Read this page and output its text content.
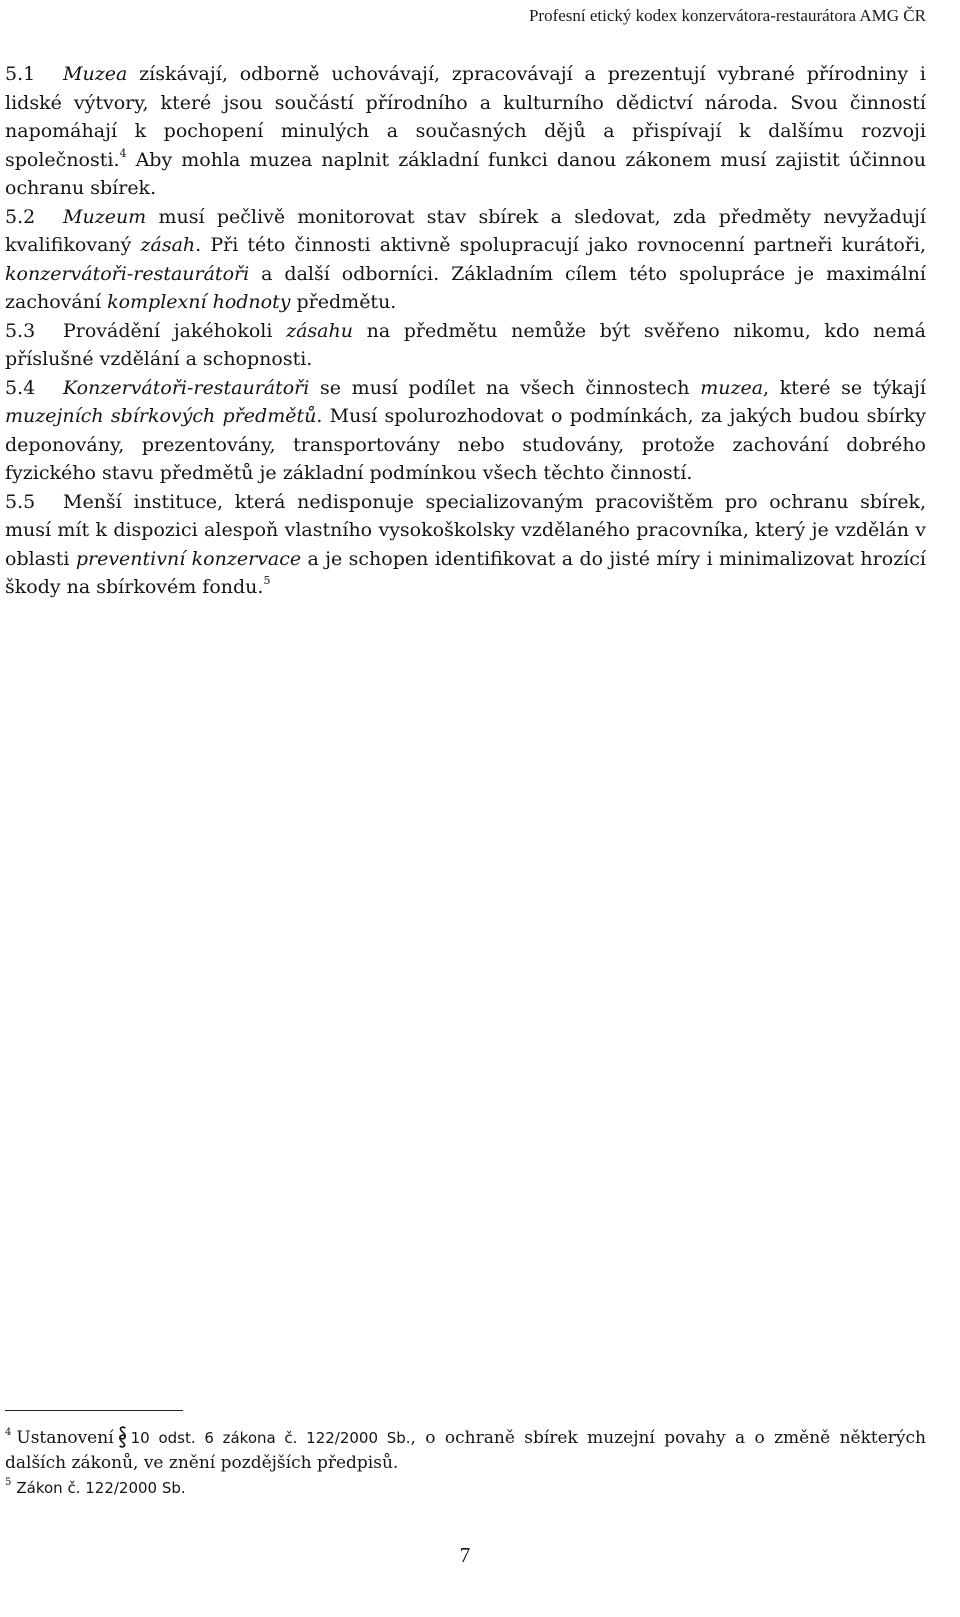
Profesní etický kodex konzervátora-restaurátora AMG ČR

5.1 Muzea získávají, odborně uchovávají, zpracovávají a prezentují vybrané přírodniny i lidské výtvory, které jsou součástí přírodního a kulturního dědictví národa. Svou činností napomáhají k pochopení minulých a současných dějů a přispívají k dalšímu rozvoji společnosti.$^4$ Aby mohla muzea naplnit základní funkci danou zákonem musí zajistit účinnou ochranu sbírek.

5.2 Muzeum musí pečlivě monitorovat stav sbírek a sledovat, zda předměty nevyžadují kvalifikovaný zásah. Při této činnosti aktivně spolupracují jako rovnocenní partneři kurátoři, konzervátoři-restaurátoři a další odborníci. Základním cílem této spolupráce je maximální zachování komplexní hodnoty předmětu.

5.3 Provádění jakéhokoli zásahu na předmětu nemůže být svěřeno nikomu, kdo nemá příslušné vzdělání a schopnosti.

5.4 Konzervátoři-restaurátoři se musí podílet na všech činnostech muzea, které se týkají muzejních sbírkových předmětů. Musí spolurozhodovat o podmínkách, za jakých budou sbírky deponovány, prezentovány, transportovány nebo studovány, protože zachování dobrého fyzického stavu předmětů je základní podmínkou všech těchto činností.

5.5 Menší instituce, která nedisponuje specializovaným pracovištěm pro ochranu sbírek, musí mít k dispozici alespoň vlastního vysokoškolsky vzdělaného pracovníka, který je vzdělán v oblasti preventivní konzervace a je schopen identifikovat a do jisté míry i minimalizovat hrozící škody na sbírkovém fondu.$^5$

$^4$ Ustanovení 10 odst. 6 zákona č. 122/2000 Sb., o ochraně sbírek muzejní povahy a o změně některých dalších zákonů, ve znění pozdějších předpisů.

$^5$ Zákon č. 122/2000 Sb.

7
